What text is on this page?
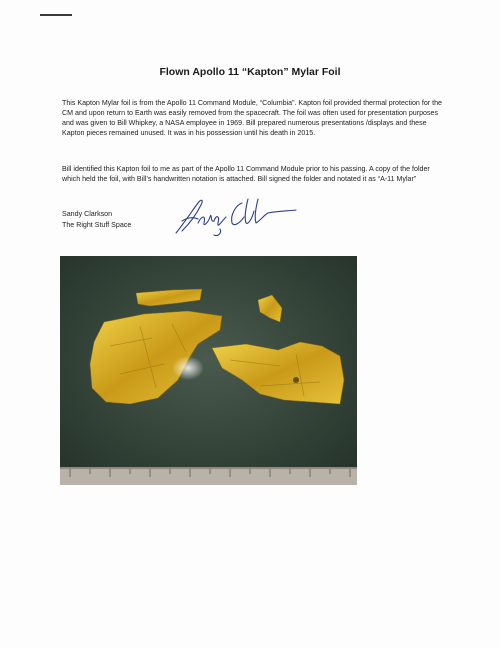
Flown Apollo 11 “Kapton” Mylar Foil

This Kapton Mylar foil is from the Apollo 11 Command Module, “Columbia”. Kapton foil provided thermal protection for the CM and upon return to Earth was easily removed from the spacecraft. The foil was often used for presentation purposes and was given to Bill Whipkey, a NASA employee in 1969. Bill prepared numerous presentations /displays and these Kapton pieces remained unused. It was in his possession until his death in 2015.

Bill identified this Kapton foil to me as part of the Apollo 11 Command Module prior to his passing. A copy of the folder which held the foil, with Bill’s handwritten notation is attached. Bill signed the folder and notated it as “A-11 Mylar”

Sandy Clarkson
The Right Stuff Space
